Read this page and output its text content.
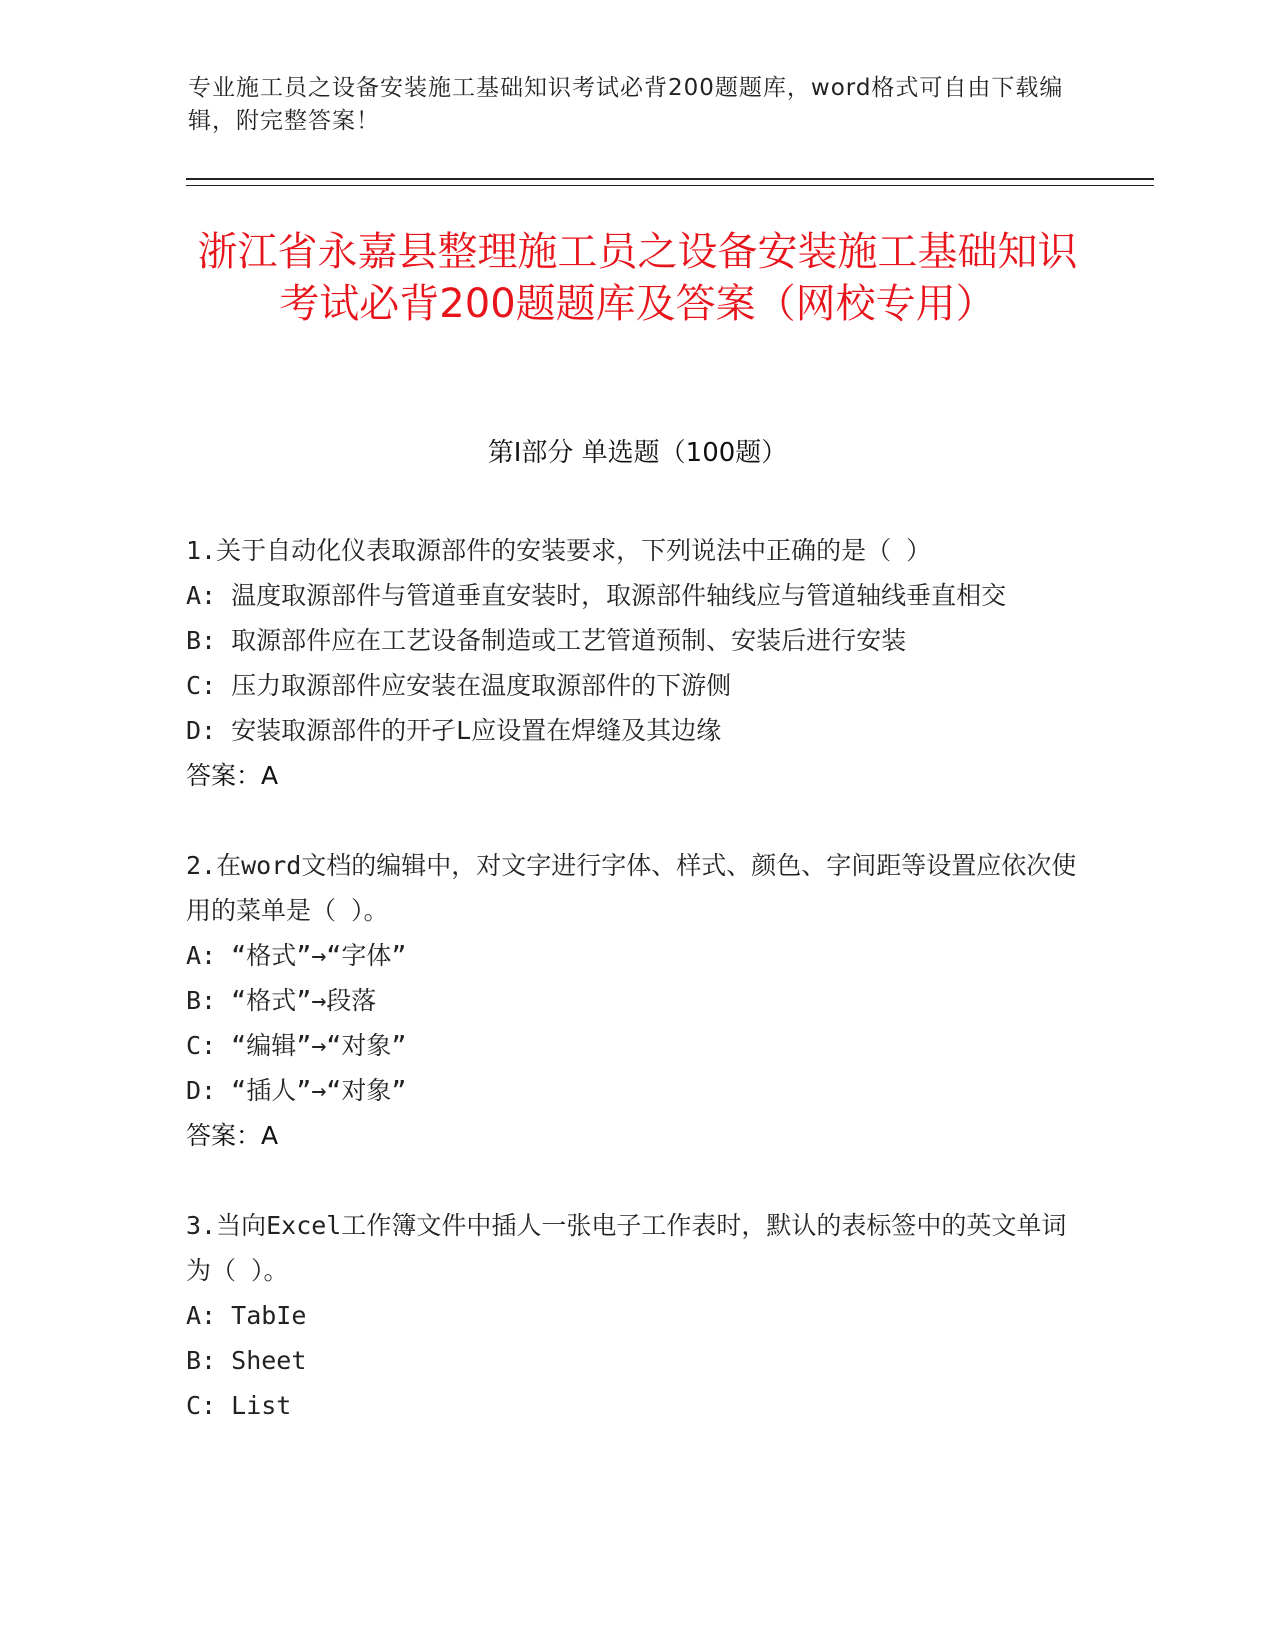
专业施工员之设备安装施工基础知识考试必背200题题库，word格式可自由下载编辑，附完整答案！
浙江省永嘉县整理施工员之设备安装施工基础知识考试必背200题题库及答案（网校专用）
第I部分 单选题（100题）
1.关于自动化仪表取源部件的安装要求，下列说法中正确的是（ ）
A: 温度取源部件与管道垂直安装时，取源部件轴线应与管道轴线垂直相交
B: 取源部件应在工艺设备制造或工艺管道预制、安装后进行安装
C: 压力取源部件应安装在温度取源部件的下游侧
D: 安装取源部件的开孑L应设置在焊缝及其边缘
答案：A
2.在word文档的编辑中，对文字进行字体、样式、颜色、字间距等设置应依次使用的菜单是（ ）。
A: “格式”→“字体”
B: “格式”→段落
C: “编辑”→“对象”
D: “插人”→“对象”
答案：A
3.当向Excel工作簿文件中插人一张电子工作表时，默认的表标签中的英文单词为（ ）。
A: TabIe
B: Sheet
C: List
